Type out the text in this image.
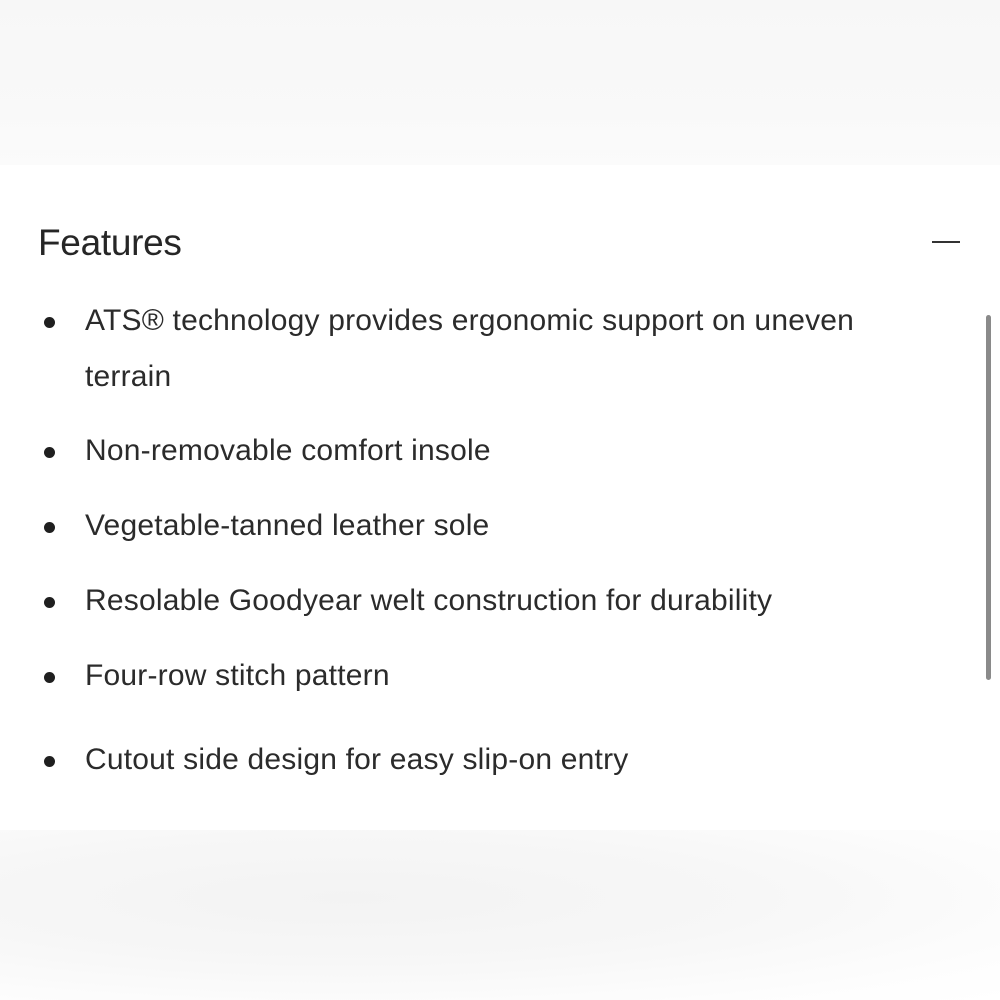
Features
ATS® technology provides ergonomic support on uneven
terrain
Non-removable comfort insole
Vegetable-tanned leather sole
Resolable Goodyear welt construction for durability
Four-row stitch pattern
Cutout side design for easy slip-on entry
